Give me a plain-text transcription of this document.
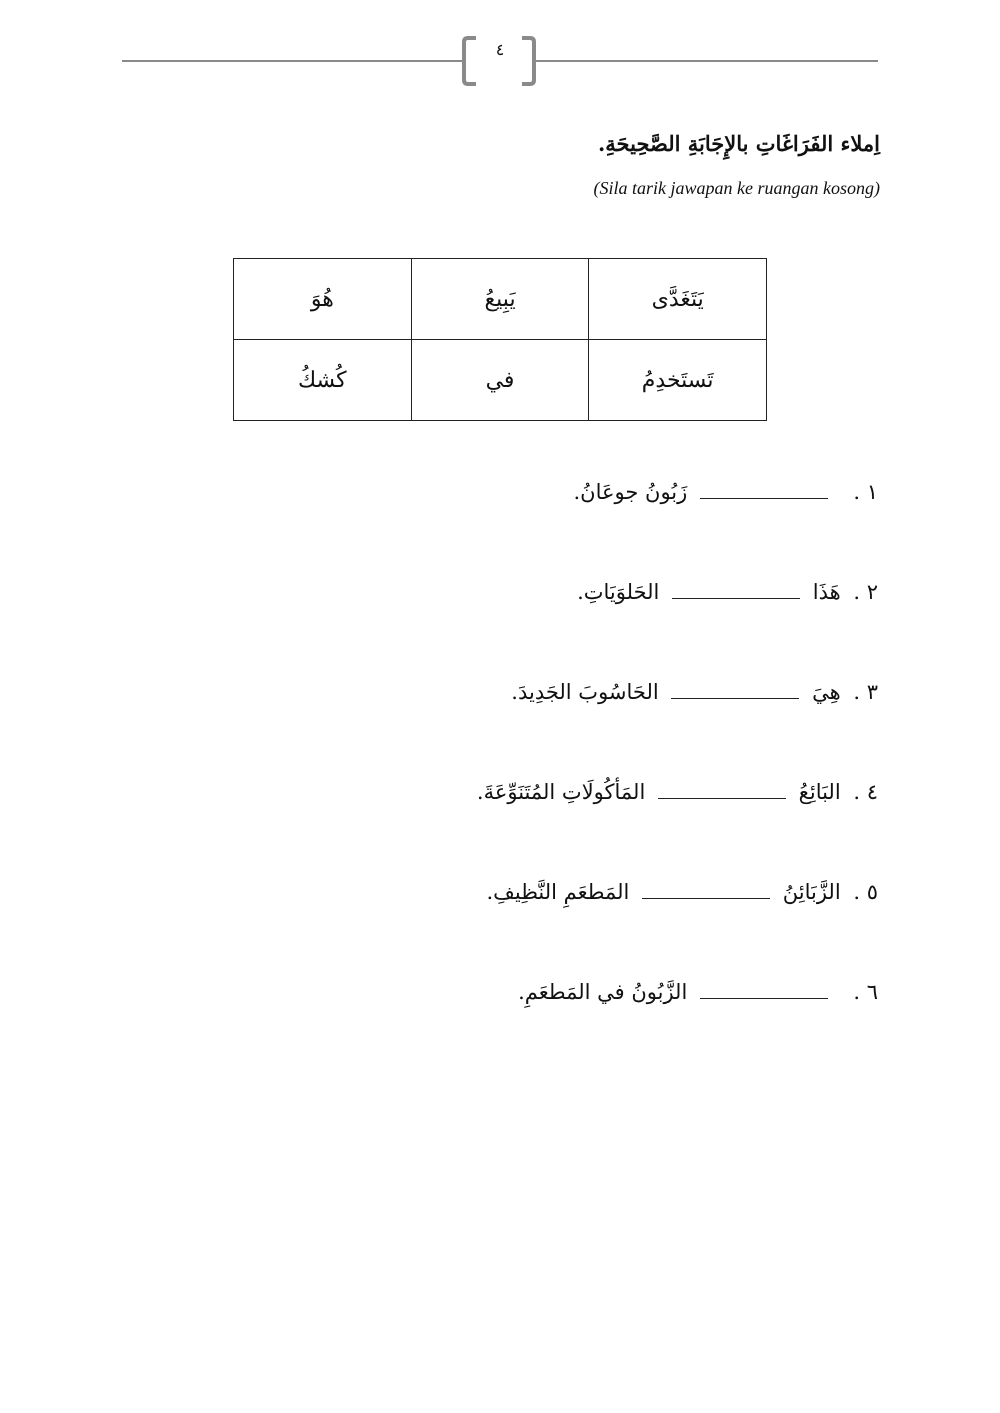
٤
اِملاء الفَرَاغَاتِ بالإِجَابَةِ الصَّحِيحَةِ.
(Sila tarik jawapan ke ruangan kosong)
يَتَغَدَّى	يَبِيعُ	هُوَ
تَستَخدِمُ	في	كُشكُ
١ .   زَبُونُ جوعَانُ.
٢ . هَذَا  الحَلوَيَاتِ.
٣ . هِيَ  الحَاسُوبَ الجَدِيدَ.
٤ . البَائِعُ  المَأكُولَاتِ المُتَنَوِّعَةَ.
٥ . الزَّبَائِنُ  المَطعَمِ النَّظِيفِ.
٦ .   الزَّبُونُ في المَطعَمِ.
